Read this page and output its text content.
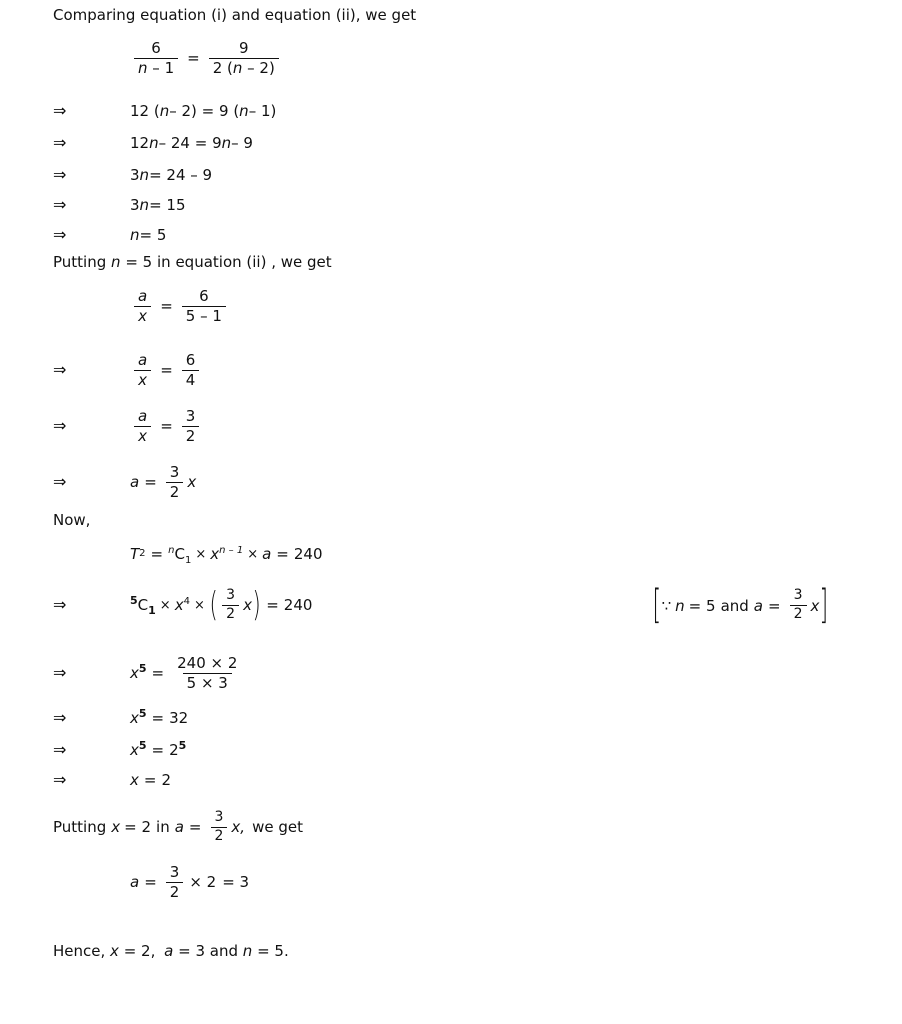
Comparing equation (i) and equation (ii), we get
$\frac{6}{n - 1} = \frac{9}{2 (n - 2)}$
⇒	12 ( n – 2) = 9 ( n – 1)
⇒	12 n – 24 = 9 n – 9
⇒	3 n = 24 – 9
⇒	3 n = 15
⇒	n = 5
Putting n = 5 in equation (ii) , we get
$\frac{a}{x} = \frac{6}{5 - 1}$
⇒	$\frac{a}{x} = \frac{6}{4}$
⇒	$\frac{a}{x} = \frac{3}{2}$
⇒	$a = \frac{3}{2}$ x
Now,
T $2 = ^nC_1 \times x^{n - 1} \times a = 240$
⇒	$^5C_1 \times x^4$ × ( $\frac{3}{2}$ x ) = 240	[ ∵ n = 5 and $a = \frac{3}{2}$ x ]
⇒	$x^5 = \frac{240 \times 2}{5 \times 3}$
⇒	$x^5 = 32$
⇒	$x^5 = 2^5$
⇒	x = 2
Putting x = 2 in $a = \frac{3}{2} x$, we get
$a = \frac{3}{2} \times 2 = 3$
Hence, x = 2, a = 3 and n = 5.
